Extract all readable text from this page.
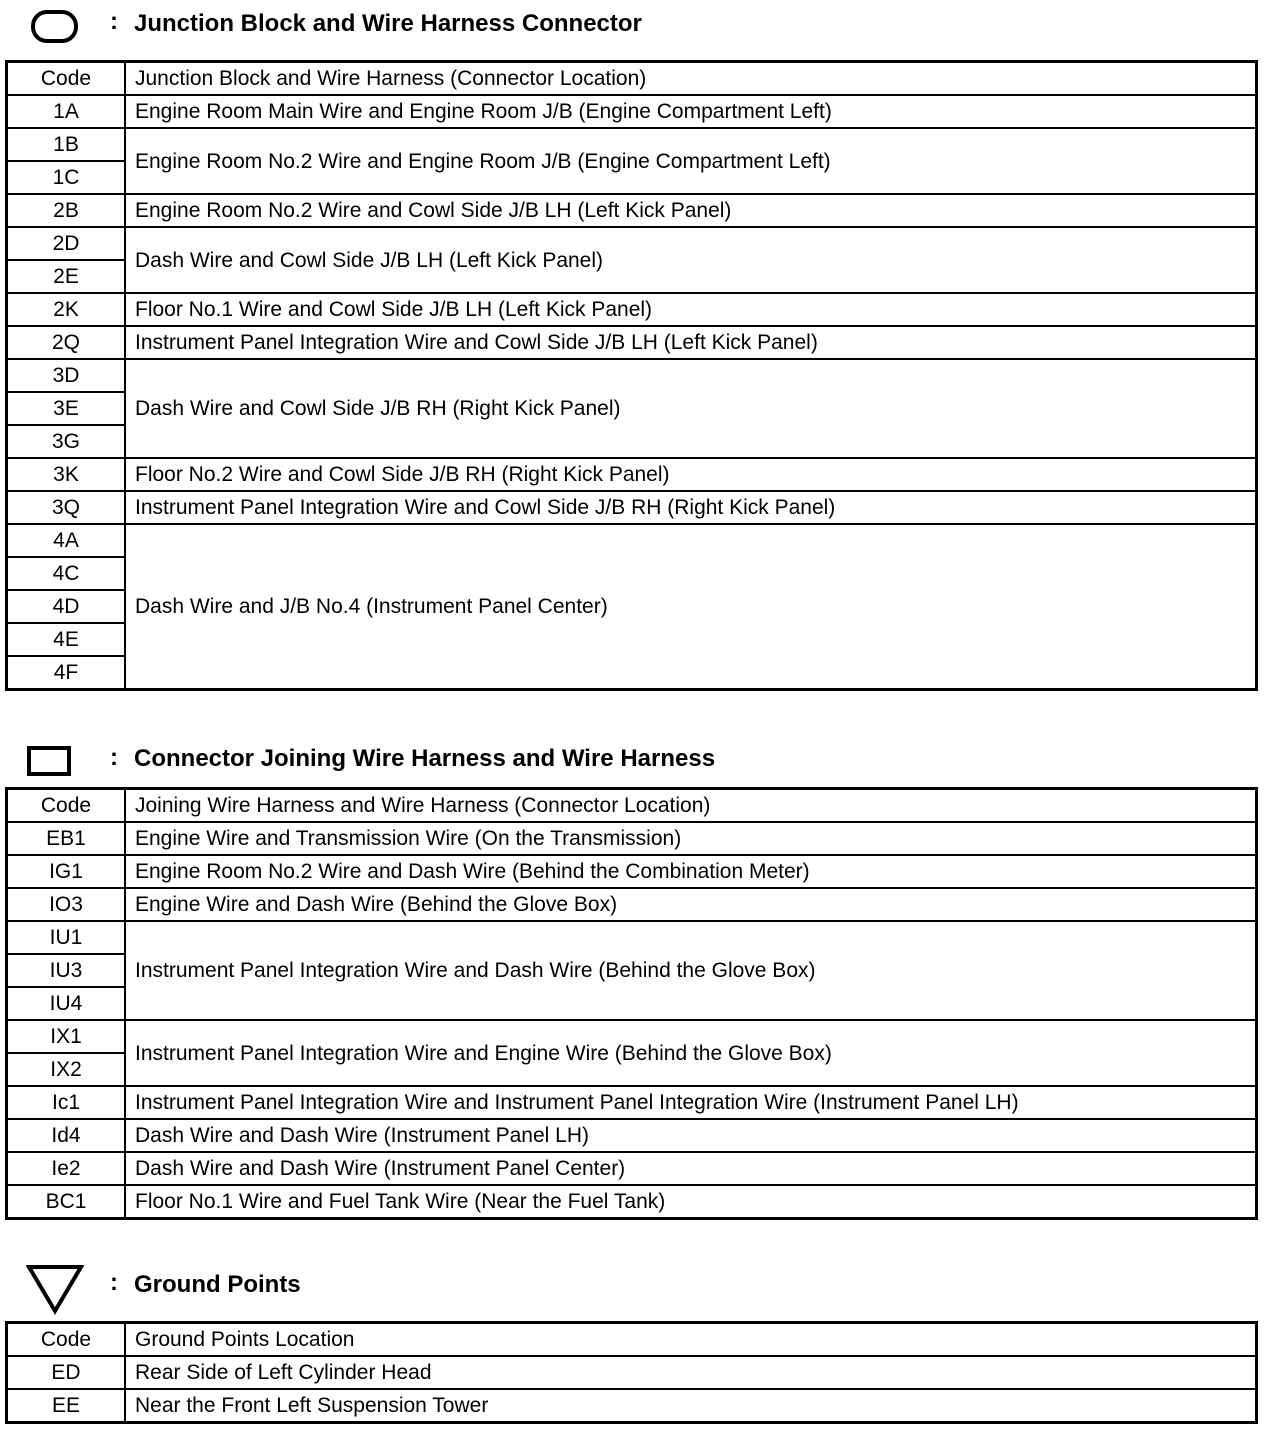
: Junction Block and Wire Harness Connector
Code	Junction Block and Wire Harness (Connector Location)
1A	Engine Room Main Wire and Engine Room J/B (Engine Compartment Left)
1B	Engine Room No.2 Wire and Engine Room J/B (Engine Compartment Left)
1C	
2B	Engine Room No.2 Wire and Cowl Side J/B LH (Left Kick Panel)
2D	Dash Wire and Cowl Side J/B LH (Left Kick Panel)
2E	
2K	Floor No.1 Wire and Cowl Side J/B LH (Left Kick Panel)
2Q	Instrument Panel Integration Wire and Cowl Side J/B LH (Left Kick Panel)
3D	Dash Wire and Cowl Side J/B RH (Right Kick Panel)
3E	
3G	
3K	Floor No.2 Wire and Cowl Side J/B RH (Right Kick Panel)
3Q	Instrument Panel Integration Wire and Cowl Side J/B RH (Right Kick Panel)
4A	Dash Wire and J/B No.4 (Instrument Panel Center)
4C	
4D	
4E	
4F	
: Connector Joining Wire Harness and Wire Harness
Code	Joining Wire Harness and Wire Harness (Connector Location)
EB1	Engine Wire and Transmission Wire (On the Transmission)
IG1	Engine Room No.2 Wire and Dash Wire (Behind the Combination Meter)
IO3	Engine Wire and Dash Wire (Behind the Glove Box)
IU1	Instrument Panel Integration Wire and Dash Wire (Behind the Glove Box)
IU3	
IU4	
IX1	Instrument Panel Integration Wire and Engine Wire (Behind the Glove Box)
IX2	
Ic1	Instrument Panel Integration Wire and Instrument Panel Integration Wire (Instrument Panel LH)
Id4	Dash Wire and Dash Wire (Instrument Panel LH)
Ie2	Dash Wire and Dash Wire (Instrument Panel Center)
BC1	Floor No.1 Wire and Fuel Tank Wire (Near the Fuel Tank)
: Ground Points
Code	Ground Points Location
ED	Rear Side of Left Cylinder Head
EE	Near the Front Left Suspension Tower
